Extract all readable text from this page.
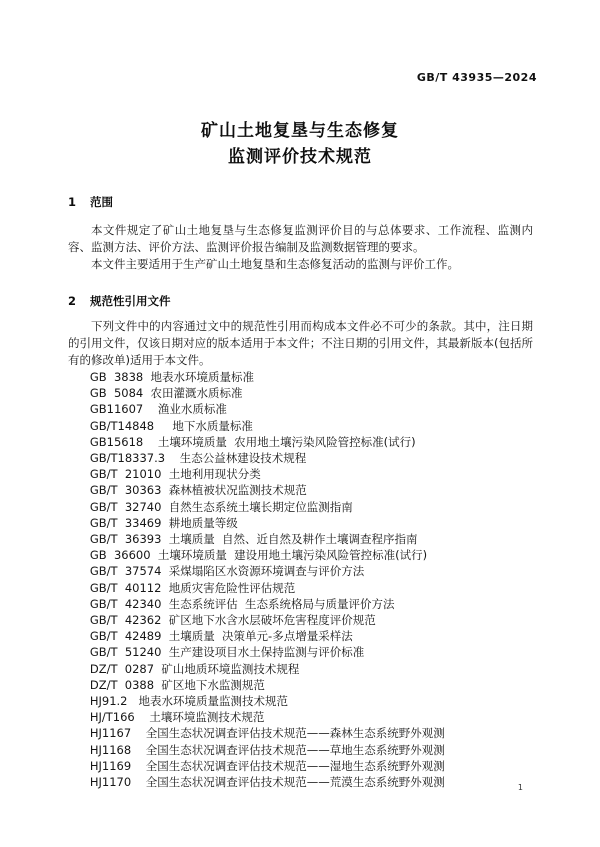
GB/T 43935—2024
矿山土地复垦与生态修复
监测评价技术规范
1 范围

本文件规定了矿山土地复垦与生态修复监测评价目的与总体要求、工作流程、监测内容、监测方法、评价方法、监测评价报告编制及监测数据管理的要求。

本文件主要适用于生产矿山土地复垦和生态修复活动的监测与评价工作。

2 规范性引用文件

下列文件中的内容通过文中的规范性引用而构成本文件必不可少的条款。其中，注日期的引用文件，仅该日期对应的版本适用于本文件；不注日期的引用文件，其最新版本(包括所有的修改单)适用于本文件。

GB  3838  地表水环境质量标准

GB  5084  农田灌溉水质标准

GB11607    渔业水质标准

GB/T14848     地下水质量标准

GB15618    土壤环境质量  农用地土壤污染风险管控标准(试行)

GB/T18337.3    生态公益林建设技术规程

GB/T  21010  土地利用现状分类

GB/T  30363  森林植被状况监测技术规范

GB/T  32740  自然生态系统土壤长期定位监测指南

GB/T  33469  耕地质量等级

GB/T  36393  土壤质量  自然、近自然及耕作土壤调查程序指南

GB  36600  土壤环境质量  建设用地土壤污染风险管控标准(试行)

GB/T  37574  采煤塌陷区水资源环境调查与评价方法

GB/T  40112  地质灾害危险性评估规范

GB/T  42340  生态系统评估  生态系统格局与质量评价方法

GB/T  42362  矿区地下水含水层破坏危害程度评价规范

GB/T  42489  土壤质量  决策单元-多点增量采样法

GB/T  51240  生产建设项目水土保持监测与评价标准

DZ/T  0287  矿山地质环境监测技术规程

DZ/T  0388  矿区地下水监测规范

HJ91.2   地表水环境质量监测技术规范

HJ/T166    土壤环境监测技术规范

HJ1167    全国生态状况调查评估技术规范——森林生态系统野外观测

HJ1168    全国生态状况调查评估技术规范——草地生态系统野外观测

HJ1169    全国生态状况调查评估技术规范——湿地生态系统野外观测

HJ1170    全国生态状况调查评估技术规范——荒漠生态系统野外观测	1
